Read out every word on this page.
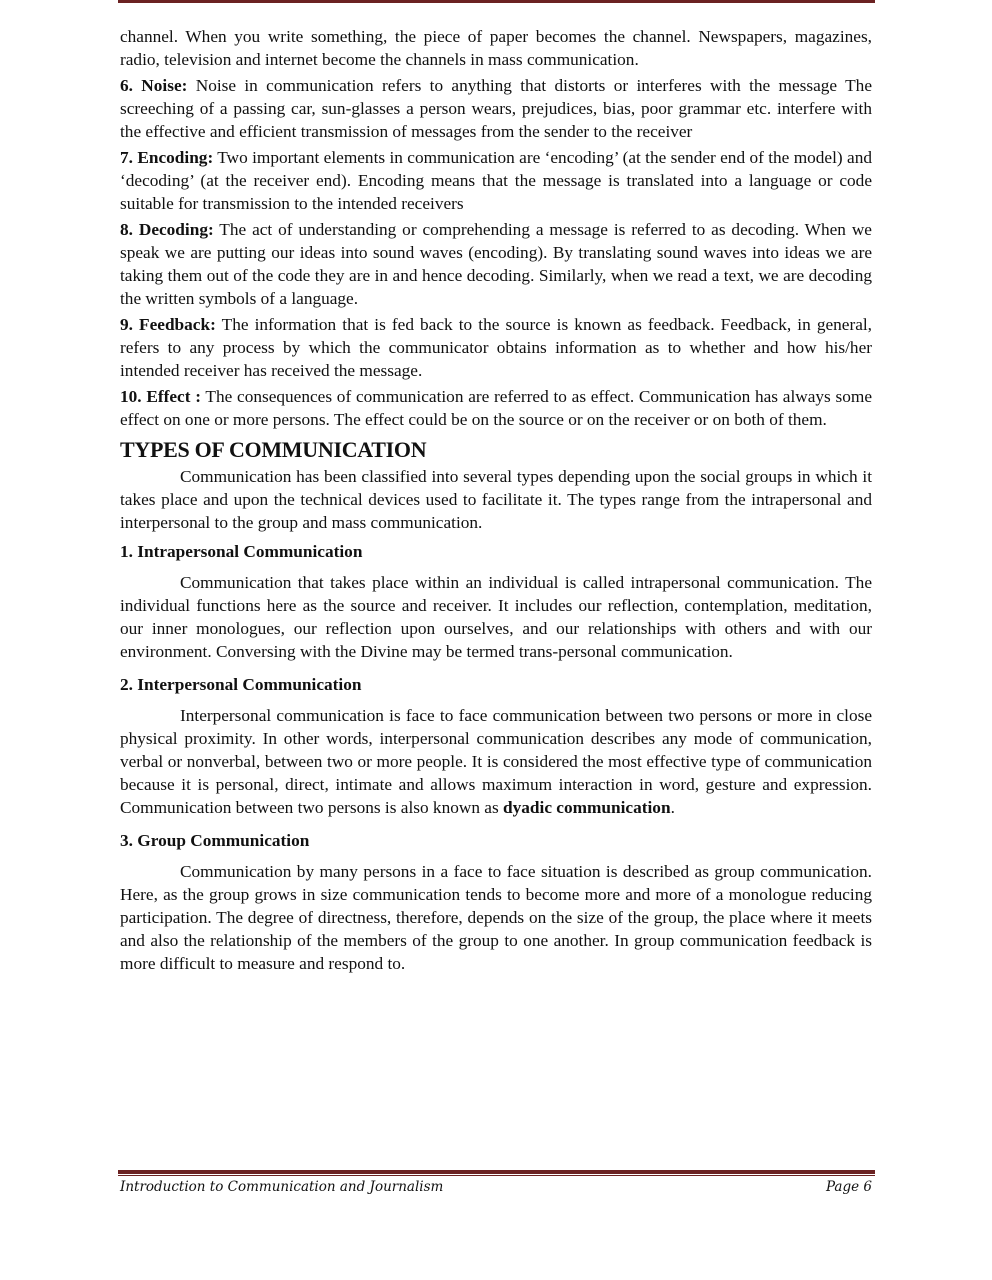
channel. When you write something, the piece of paper becomes the channel. Newspapers, magazines, radio, television and internet become the channels in mass communication.

6. Noise: Noise in communication refers to anything that distorts or interferes with the message The screeching of a passing car, sun-glasses a person wears, prejudices, bias, poor grammar etc. interfere with the effective and efficient transmission of messages from the sender to the receiver

7. Encoding: Two important elements in communication are ‘encoding’ (at the sender end of the model) and ‘decoding’ (at the receiver end). Encoding means that the message is translated into a language or code suitable for transmission to the intended receivers

8. Decoding: The act of understanding or comprehending a message is referred to as decoding. When we speak we are putting our ideas into sound waves (encoding). By translating sound waves into ideas we are taking them out of the code they are in and hence decoding. Similarly, when we read a text, we are decoding the written symbols of a language.

9. Feedback: The information that is fed back to the source is known as feedback. Feedback, in general, refers to any process by which the communicator obtains information as to whether and how his/her intended receiver has received the message.

10. Effect : The consequences of communication are referred to as effect. Communication has always some effect on one or more persons. The effect could be on the source or on the receiver or on both of them.

TYPES OF COMMUNICATION

Communication has been classified into several types depending upon the social groups in which it takes place and upon the technical devices used to facilitate it. The types range from the intrapersonal and interpersonal to the group and mass communication.

1. Intrapersonal Communication

Communication that takes place within an individual is called intrapersonal communication. The individual functions here as the source and receiver. It includes our reflection, contemplation, meditation, our inner monologues, our reflection upon ourselves, and our relationships with others and with our environment. Conversing with the Divine may be termed trans-personal communication.

2. Interpersonal Communication

Interpersonal communication is face to face communication between two persons or more in close physical proximity. In other words, interpersonal communication describes any mode of communication, verbal or nonverbal, between two or more people. It is considered the most effective type of communication because it is personal, direct, intimate and allows maximum interaction in word, gesture and expression. Communication between two persons is also known as dyadic communication.

3. Group Communication

Communication by many persons in a face to face situation is described as group communication. Here, as the group grows in size communication tends to become more and more of a monologue reducing participation. The degree of directness, therefore, depends on the size of the group, the place where it meets and also the relationship of the members of the group to one another. In group communication feedback is more difficult to measure and respond to.

Introduction to Communication and Journalism	Page 6
